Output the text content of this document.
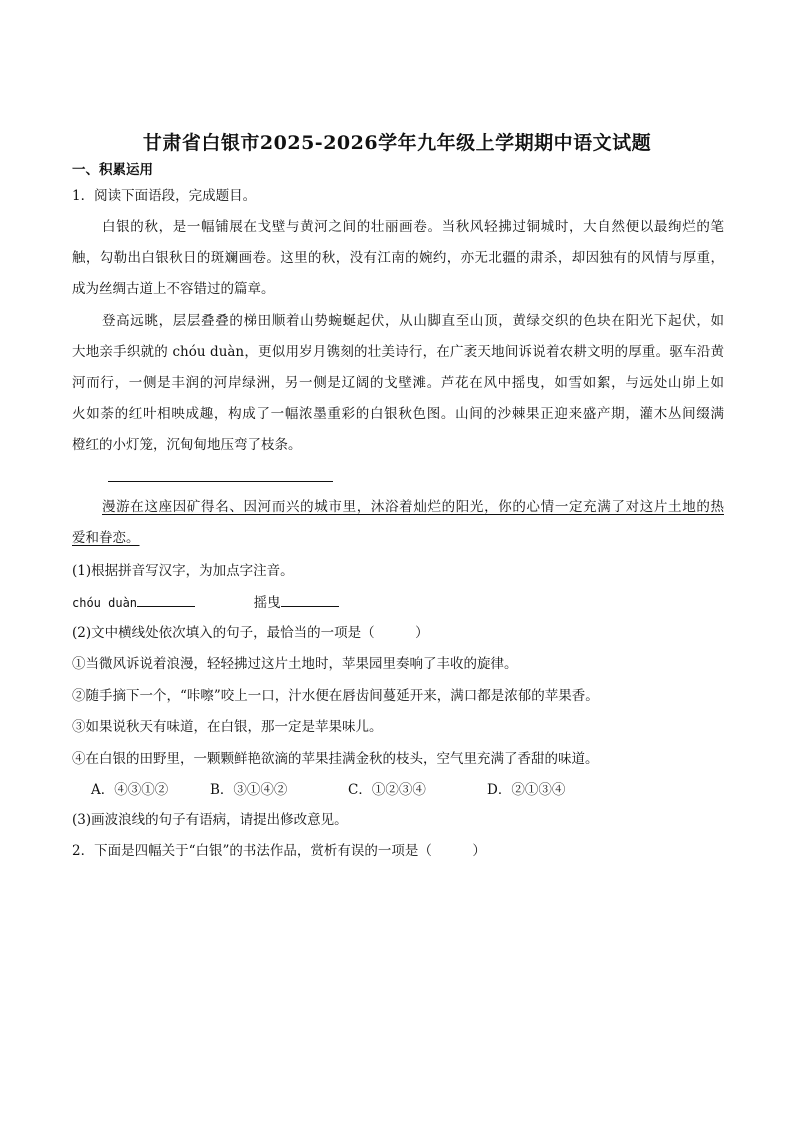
甘肃省白银市2025-2026学年九年级上学期期中语文试题
一、积累运用
1．阅读下面语段，完成题目。
白银的秋，是一幅铺展在戈壁与黄河之间的壮丽画卷。当秋风轻拂过铜城时，大自然便以最绚烂的笔
触，勾勒出白银秋日的斑斓画卷。这里的秋，没有江南的婉约，亦无北疆的肃杀，却因独有的风情与厚重，
成为丝绸古道上不容错过的篇章。
登高远眺，层层叠叠的梯田顺着山势蜿蜒起伏，从山脚直至山顶，黄绿交织的色块在阳光下起伏，如
大地亲手织就的 chóu duàn，更似用岁月镌刻的壮美诗行，在广袤天地间诉说着农耕文明的厚重。驱车沿黄
河而行，一侧是丰润的河岸绿洲，另一侧是辽阔的戈壁滩。芦花在风中摇曳，如雪如絮，与远处山峁上如
火如荼的红叶相映成趣，构成了一幅浓墨重彩的白银秋色图。山间的沙棘果正迎来盛产期，灌木丛间缀满
橙红的小灯笼，沉甸甸地压弯了枝条。
漫游在这座因矿得名、因河而兴的城市里，沐浴着灿烂的阳光，你的心情一定充满了对这片土地的热
爱和眷恋。
(1)根据拼音写汉字，为加点字注音。
chóu duàn	摇曳
(2)文中横线处依次填入的句子，最恰当的一项是（　　　）
①当微风诉说着浪漫，轻轻拂过这片土地时，苹果园里奏响了丰收的旋律。
②随手摘下一个，“咔嚓”咬上一口，汁水便在唇齿间蔓延开来，满口都是浓郁的苹果香。
③如果说秋天有味道，在白银，那一定是苹果味儿。
④在白银的田野里，一颗颗鲜艳欲滴的苹果挂满金秋的枝头，空气里充满了香甜的味道。
A．④③①②	B．③①④②	C．①②③④	D．②①③④
(3)画波浪线的句子有语病，请提出修改意见。
2．下面是四幅关于“白银”的书法作品，赏析有误的一项是（　　　）
